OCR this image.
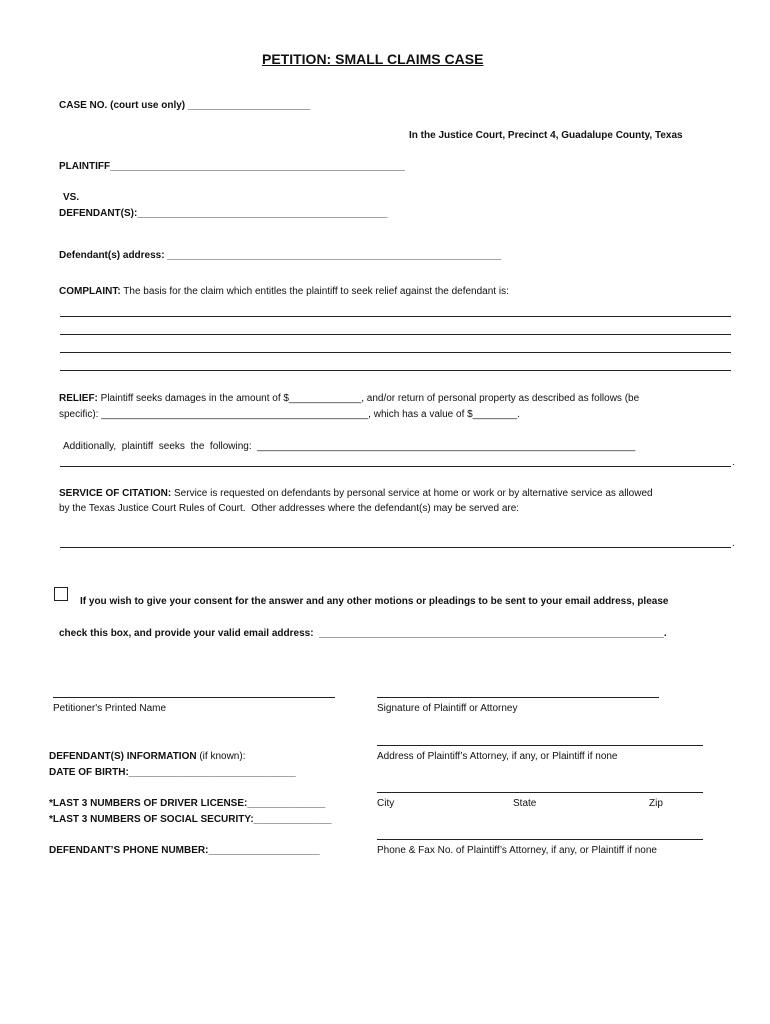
PETITION: SMALL CLAIMS CASE
CASE NO. (court use only) ______________________
In the Justice Court, Precinct 4, Guadalupe County, Texas
PLAINTIFF_____________________________________________________
VS.
DEFENDANT(S):_____________________________________________
Defendant(s) address: ____________________________________________________________
COMPLAINT: The basis for the claim which entitles the plaintiff to seek relief against the defendant is:
RELIEF: Plaintiff seeks damages in the amount of $_____________, and/or return of personal property as described as follows (be
specific): ________________________________________________, which has a value of $________.
Additionally,  plaintiff  seeks  the  following:  ____________________________________________________________________
.
SERVICE OF CITATION: Service is requested on defendants by personal service at home or work or by alternative service as allowed
by the Texas Justice Court Rules of Court.  Other addresses where the defendant(s) may be served are:
.
If you wish to give your consent for the answer and any other motions or pleadings to be sent to your email address, please
check this box, and provide your valid email address:  ______________________________________________________________.
Petitioner's Printed Name	Signature of Plaintiff or Attorney
DEFENDANT(S) INFORMATION (if known):
DATE OF BIRTH:______________________________
Address of Plaintiff’s Attorney, if any, or Plaintiff if none
*LAST 3 NUMBERS OF DRIVER LICENSE:______________
*LAST 3 NUMBERS OF SOCIAL SECURITY:______________
City	State	Zip
DEFENDANT’S PHONE NUMBER:____________________	Phone & Fax No. of Plaintiff’s Attorney, if any, or Plaintiff if none
